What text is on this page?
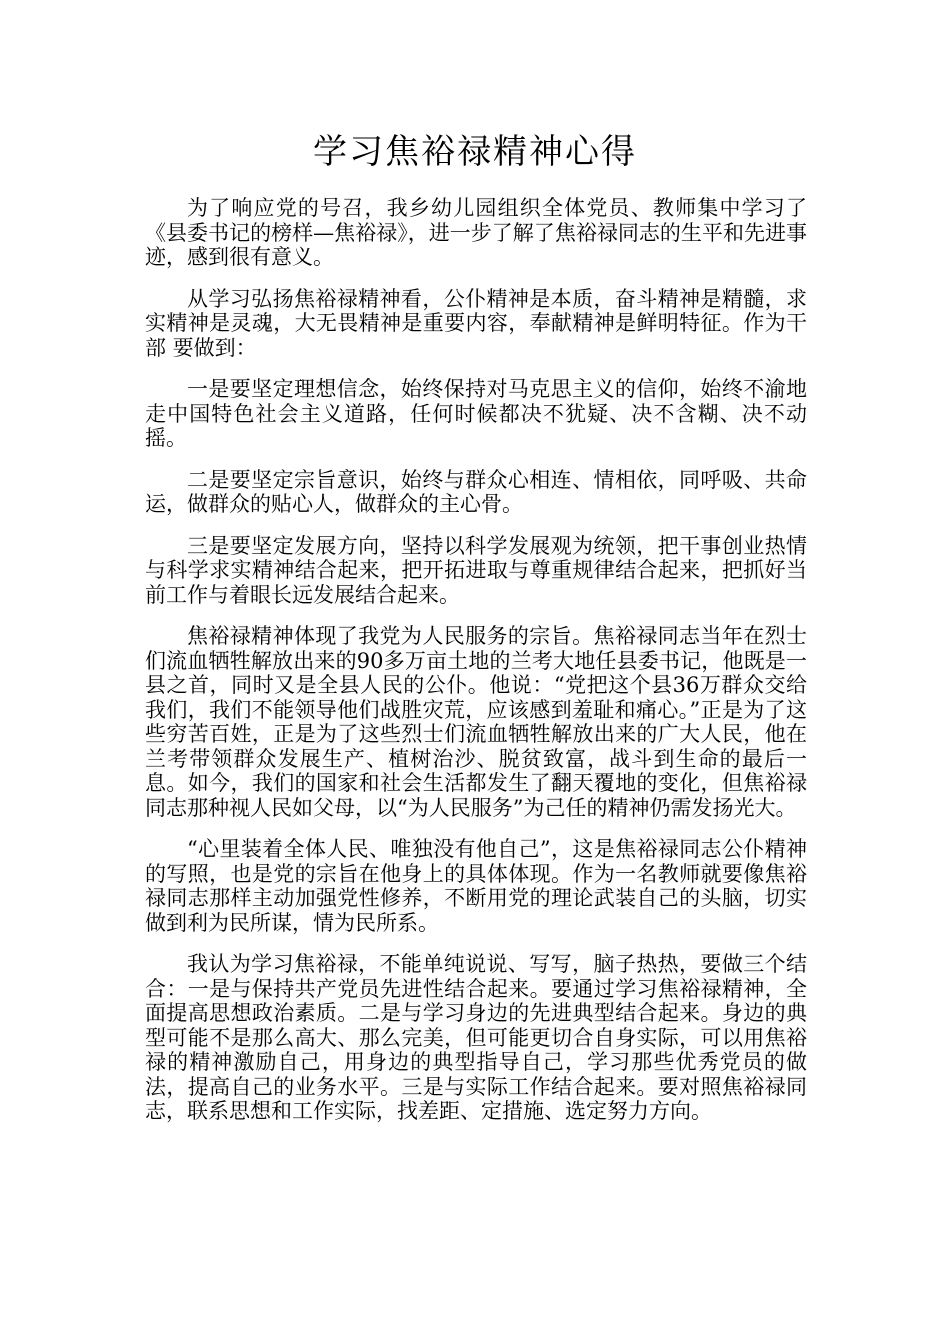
学习焦裕禄精神心得

为了响应党的号召，我乡幼儿园组织全体党员、教师集中学习了《县委书记的榜样—焦裕禄》，进一步了解了焦裕禄同志的生平和先进事迹，感到很有意义。

从学习弘扬焦裕禄精神看，公仆精神是本质，奋斗精神是精髓，求实精神是灵魂，大无畏精神是重要内容，奉献精神是鲜明特征。作为干部 要做到：

一是要坚定理想信念，始终保持对马克思主义的信仰，始终不渝地走中国特色社会主义道路，任何时候都决不犹疑、决不含糊、决不动摇。

二是要坚定宗旨意识，始终与群众心相连、情相依，同呼吸、共命运，做群众的贴心人，做群众的主心骨。

三是要坚定发展方向，坚持以科学发展观为统领，把干事创业热情与科学求实精神结合起来，把开拓进取与尊重规律结合起来，把抓好当前工作与着眼长远发展结合起来。

焦裕禄精神体现了我党为人民服务的宗旨。焦裕禄同志当年在烈士们流血牺牲解放出来的90多万亩土地的兰考大地任县委书记，他既是一县之首，同时又是全县人民的公仆。他说：“党把这个县36万群众交给我们，我们不能领导他们战胜灾荒，应该感到羞耻和痛心。”正是为了这些穷苦百姓，正是为了这些烈士们流血牺牲解放出来的广大人民，他在兰考带领群众发展生产、植树治沙、脱贫致富，战斗到生命的最后一息。如今，我们的国家和社会生活都发生了翻天覆地的变化，但焦裕禄同志那种视人民如父母，以“为人民服务”为己任的精神仍需发扬光大。

“心里装着全体人民、唯独没有他自己”，这是焦裕禄同志公仆精神的写照，也是党的宗旨在他身上的具体体现。作为一名教师就要像焦裕禄同志那样主动加强党性修养，不断用党的理论武装自己的头脑，切实做到利为民所谋，情为民所系。

我认为学习焦裕禄，不能单纯说说、写写，脑子热热，要做三个结合：一是与保持共产党员先进性结合起来。要通过学习焦裕禄精神，全面提高思想政治素质。二是与学习身边的先进典型结合起来。身边的典型可能不是那么高大、那么完美，但可能更切合自身实际，可以用焦裕禄的精神激励自己，用身边的典型指导自己，学习那些优秀党员的做法，提高自己的业务水平。三是与实际工作结合起来。要对照焦裕禄同志，联系思想和工作实际，找差距、定措施、选定努力方向。
